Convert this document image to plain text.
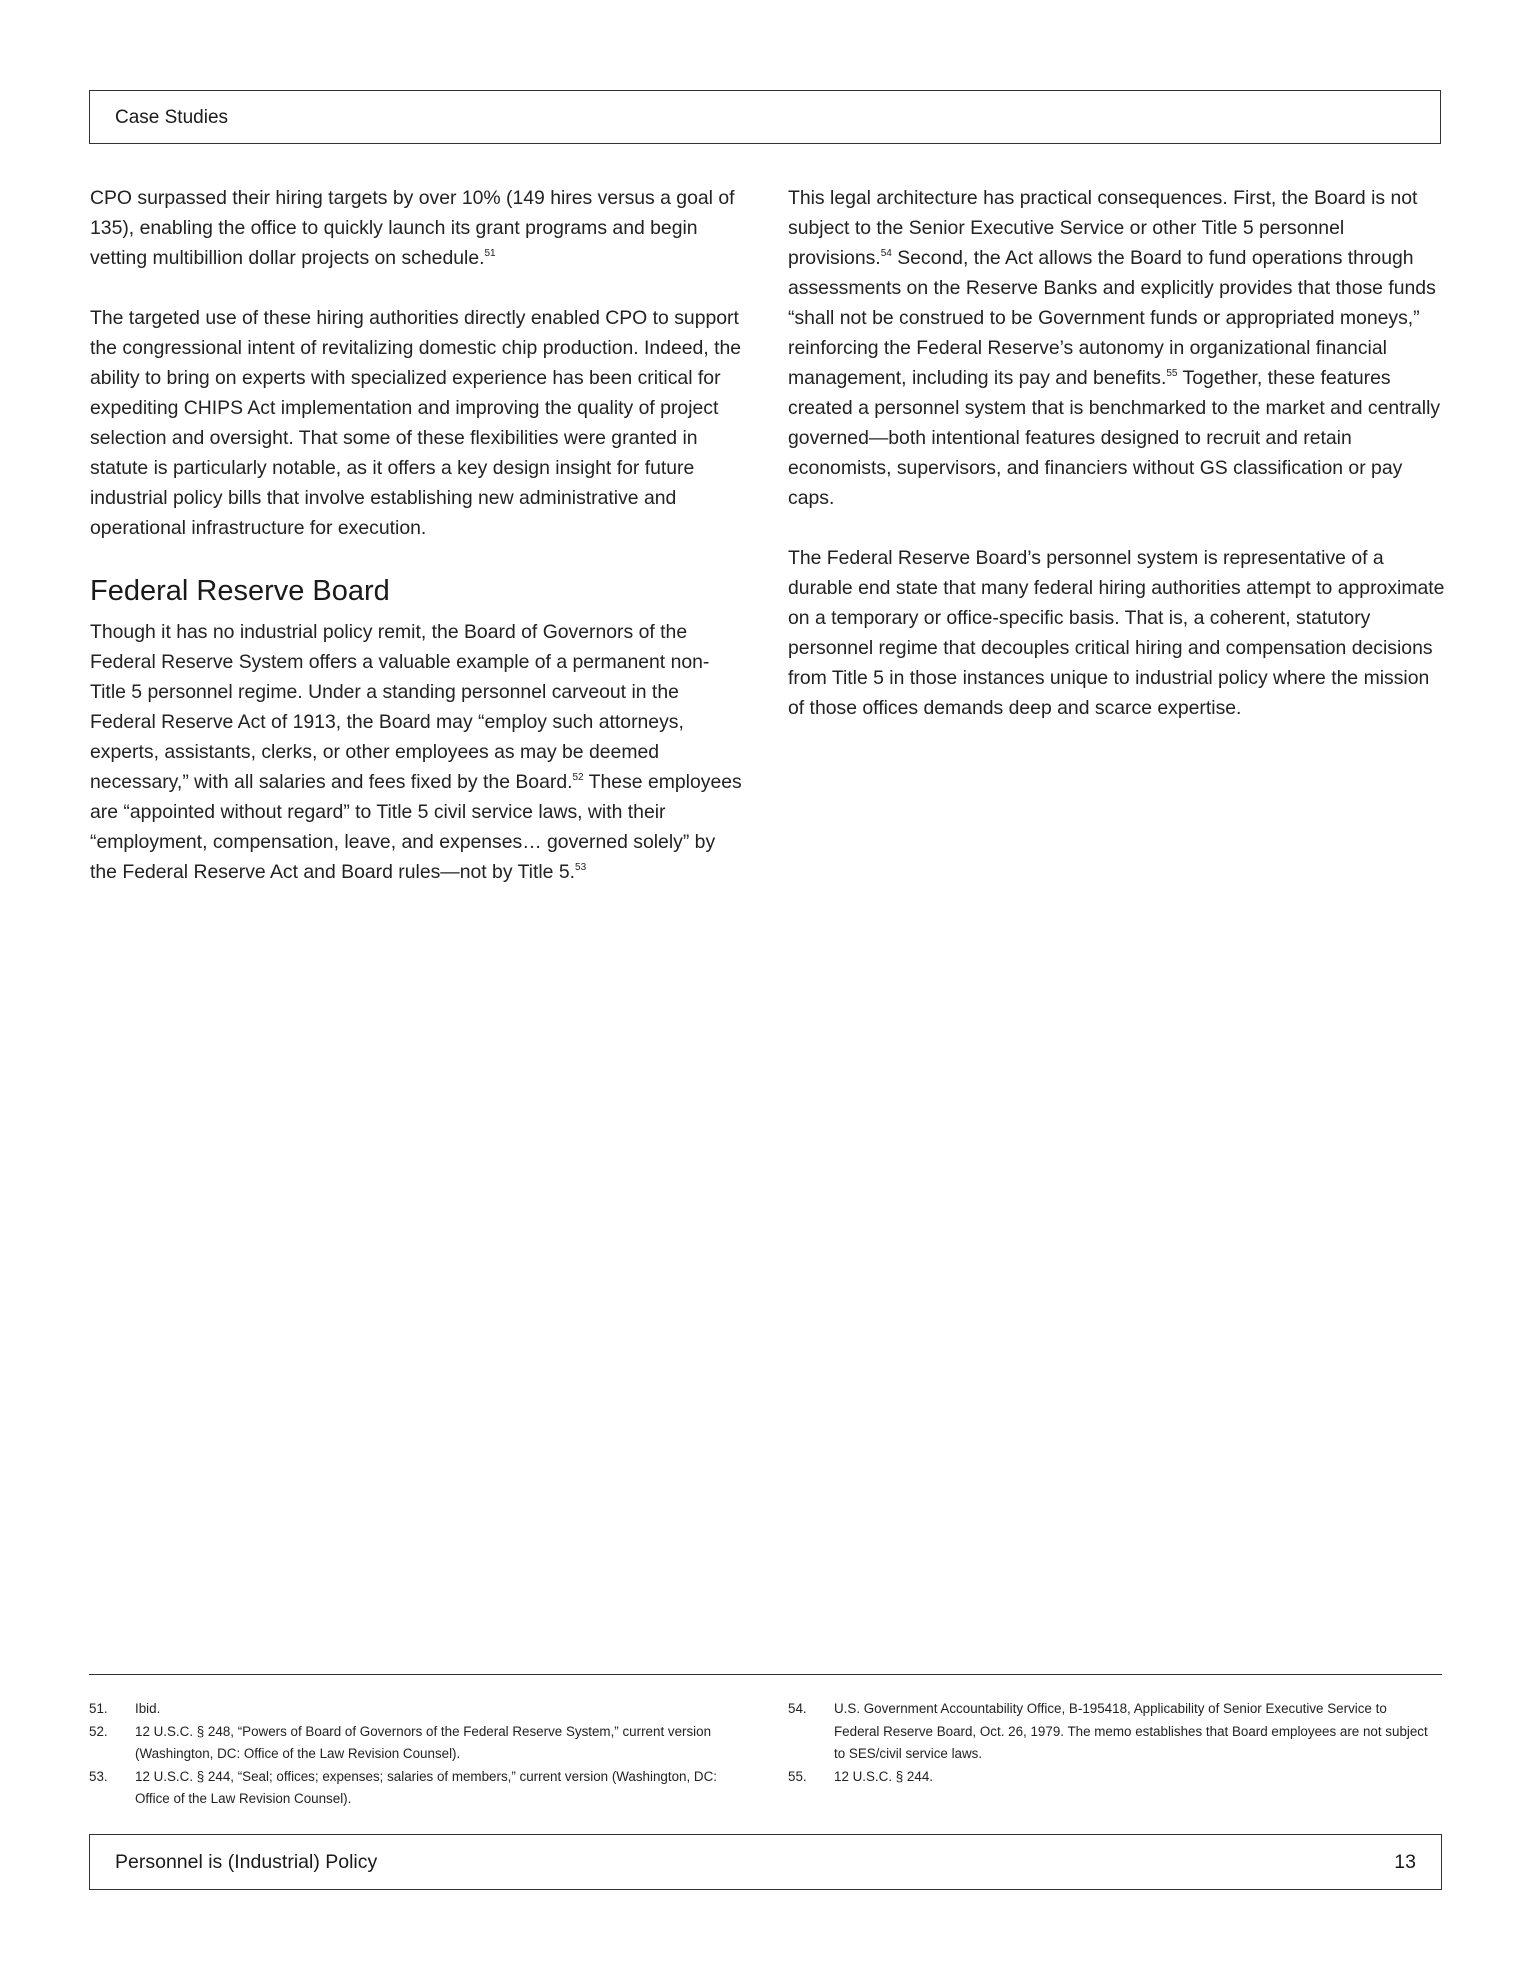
Case Studies

CPO surpassed their hiring targets by over 10% (149 hires versus a goal of 135), enabling the office to quickly launch its grant programs and begin vetting multibillion dollar projects on schedule.$^{51}$

The targeted use of these hiring authorities directly enabled CPO to support the congressional intent of revitalizing domestic chip production. Indeed, the ability to bring on experts with specialized experience has been critical for expediting CHIPS Act implementation and improving the quality of project selection and oversight. That some of these flexibilities were granted in statute is particularly notable, as it offers a key design insight for future industrial policy bills that involve establishing new administrative and operational infrastructure for execution.

Federal Reserve Board

Though it has no industrial policy remit, the Board of Governors of the Federal Reserve System offers a valuable example of a permanent non-Title 5 personnel regime. Under a standing personnel carveout in the Federal Reserve Act of 1913, the Board may “employ such attorneys, experts, assistants, clerks, or other employees as may be deemed necessary,” with all salaries and fees fixed by the Board.$^{52}$ These employees are “appointed without regard” to Title 5 civil service laws, with their “employment, compensation, leave, and expenses… governed solely” by the Federal Reserve Act and Board rules—not by Title 5.53

This legal architecture has practical consequences. First, the Board is not subject to the Senior Executive Service or other Title 5 personnel provisions.$^{54}$ Second, the Act allows the Board to fund operations through assessments on the Reserve Banks and explicitly provides that those funds “shall not be construed to be Government funds or appropriated moneys,” reinforcing the Federal Reserve’s autonomy in organizational financial management, including its pay and benefits.$^{55}$ Together, these features created a personnel system that is benchmarked to the market and centrally governed—both intentional features designed to recruit and retain economists, supervisors, and financiers without GS classification or pay caps.

The Federal Reserve Board’s personnel system is representative of a durable end state that many federal hiring authorities attempt to approximate on a temporary or office-specific basis. That is, a coherent, statutory personnel regime that decouples critical hiring and compensation decisions from Title 5 in those instances unique to industrial policy where the mission of those offices demands deep and scarce expertise.

51. Ibid.
52. 12 U.S.C. § 248, “Powers of Board of Governors of the Federal Reserve System,” current version (Washington, DC: Office of the Law Revision Counsel).
53. 12 U.S.C. § 244, “Seal; offices; expenses; salaries of members,” current version (Washington, DC: Office of the Law Revision Counsel).
54. U.S. Government Accountability Office, B-195418, Applicability of Senior Executive Service to Federal Reserve Board, Oct. 26, 1979. The memo establishes that Board employees are not subject to SES/civil service laws.
55. 12 U.S.C. § 244.
Personnel is (Industrial) Policy	13
